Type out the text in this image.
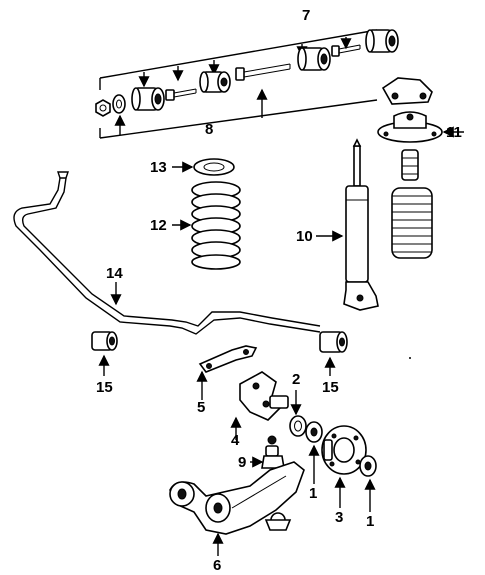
8
7
13
12
11
10
14
15	15
5
2
4
9
1
3 1
6
